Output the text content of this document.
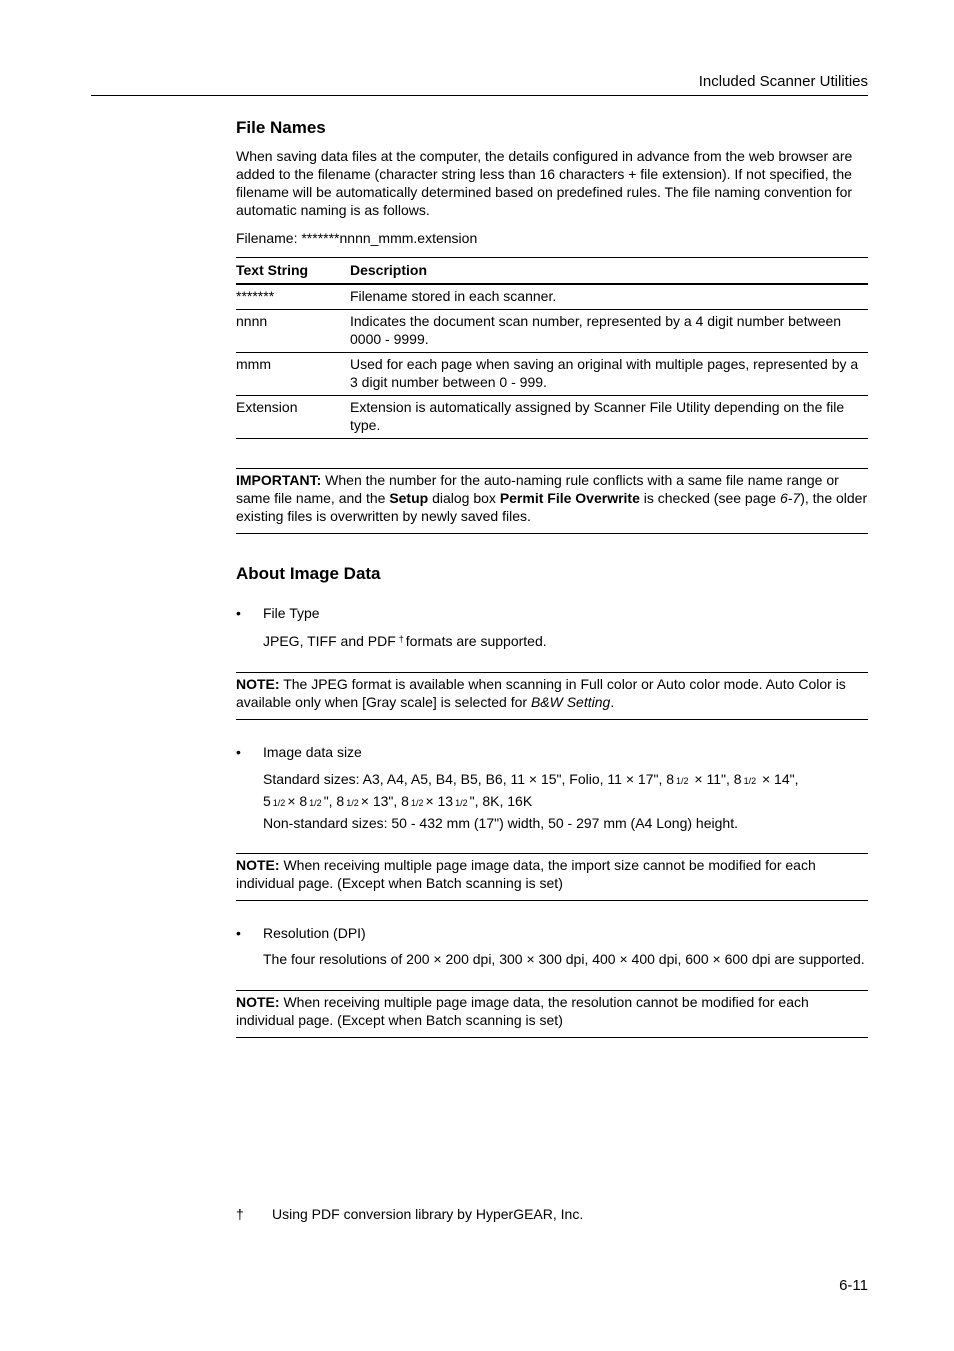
Included Scanner Utilities
File Names

When saving data files at the computer, the details configured in advance from the web browser are added to the filename (character string less than 16 characters + file extension). If not specified, the filename will be automatically determined based on predefined rules. The file naming convention for automatic naming is as follows.

Filename: *******nnnn_mmm.extension

Text String	Description
*******	Filename stored in each scanner.
nnnn	Indicates the document scan number, represented by a 4 digit number between 0000 - 9999.
mmm	Used for each page when saving an original with multiple pages, represented by a 3 digit number between 0 - 999.
Extension	Extension is automatically assigned by Scanner File Utility depending on the file type.
IMPORTANT: When the number for the auto-naming rule conflicts with a same file name range or same file name, and the Setup dialog box Permit File Overwrite is checked (see page 6-7), the older existing files is overwritten by newly saved files.
About Image Data
• File Type
JPEG, TIFF and PDF † formats are supported.
NOTE: The JPEG format is available when scanning in Full color or Auto color mode. Auto Color is available only when [Gray scale] is selected for B&W Setting.
• Image data size
Standard sizes: A3, A4, A5, B4, B5, B6, 11 × 15", Folio, 11 × 17", 8 1/2 × 11", 8 1/2 × 14",
5 1/2 × 8 1/2 ", 8 1/2 × 13", 8 1/2 × 13 1/2 ", 8K, 16K
Non-standard sizes: 50 - 432 mm (17") width, 50 - 297 mm (A4 Long) height.
NOTE: When receiving multiple page image data, the import size cannot be modified for each individual page. (Except when Batch scanning is set)
• Resolution (DPI)
The four resolutions of 200 × 200 dpi, 300 × 300 dpi, 400 × 400 dpi, 600 × 600 dpi are supported.
NOTE: When receiving multiple page image data, the resolution cannot be modified for each individual page. (Except when Batch scanning is set)
† Using PDF conversion library by HyperGEAR, Inc.
6-11
